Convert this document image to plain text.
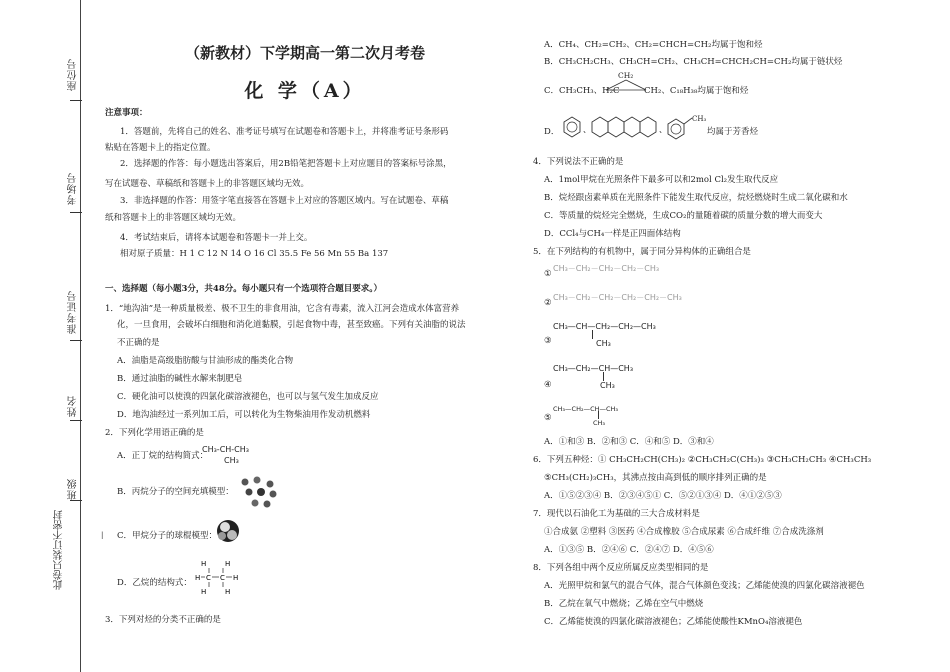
座位号
考场号
准考证号
姓名
班级
此卷只装订不密封
（新教材）下学期高一第二次月考卷
化 学（A）
注意事项：
1．答题前，先将自己的姓名、准考证号填写在试题卷和答题卡上，并将准考证号条形码
粘贴在答题卡上的指定位置。
2．选择题的作答：每小题选出答案后，用2B铅笔把答题卡上对应题目的答案标号涂黑，
写在试题卷、草稿纸和答题卡上的非答题区域均无效。
3．非选择题的作答：用签字笔直接答在答题卡上对应的答题区域内。写在试题卷、草稿
纸和答题卡上的非答题区域均无效。
4．考试结束后，请将本试题卷和答题卡一并上交。
相对原子质量：H 1 C 12 N 14 O 16 Cl 35.5 Fe 56 Mn 55 Ba 137
一、选择题（每小题3分，共48分。每小题只有一个选项符合题目要求。）
1．“地沟油”是一种质量极差、极不卫生的非食用油，它含有毒素，流入江河会造成水体富营养
化，一旦食用，会破坏白细胞和消化道黏膜，引起食物中毒，甚至致癌。下列有关油脂的说法
不正确的是
A．油脂是高级脂肪酸与甘油形成的酯类化合物
B．通过油脂的碱性水解来制肥皂
C．硬化油可以使溴的四氯化碳溶液褪色，也可以与氢气发生加成反应
D．地沟油经过一系列加工后，可以转化为生物柴油用作发动机燃料
2．下列化学用语正确的是
A．正丁烷的结构简式：
CH₃-CH-CH₃
CH₃
B．丙烷分子的空间充填模型：
| C．甲烷分子的球棍模型：
D．乙烷的结构式：
H	H
H C C H
H	H
3．下列对烃的分类不正确的是
A．CH₄、CH₂=CH₂、CH₂=CHCH=CH₂均属于饱和烃
B．CH₃CH₂CH₃、CH₃CH=CH₂、CH₃CH=CHCH₂CH=CH₂均属于链状烃
CH₂
C．CH₃CH₃、H₂C	CH₂、C₁₈H₃₈均属于饱和烃
D．	、	、
CH₃
均属于芳香烃
4．下列说法不正确的是
A．1mol甲烷在光照条件下最多可以和2mol Cl₂发生取代反应
B．烷烃跟卤素单质在光照条件下能发生取代反应，烷烃燃烧时生成二氧化碳和水
C．等质量的烷烃完全燃烧，生成CO₂的量随着碳的质量分数的增大而变大
D．CCl₄与CH₄一样是正四面体结构
5．在下列结构的有机物中，属于同分异构体的正确组合是
①
CH₃－CH₂－CH₂－CH₂－CH₃
②
CH₃－CH₂－CH₂－CH₂－CH₂－CH₃
CH₃—CH—CH₂—CH₂—CH₃
③	CH₃
CH₃—CH₂—CH—CH₃
④	CH₃
CH₃—CH₂—CH—CH₃
⑤	CH₃
A．①和③ B．②和③ C．④和⑤ D．③和④
6．下列五种烃：① CH₃CH₂CH(CH₃)₂ ②CH₃CH₂C(CH₃)₃ ③CH₃CH₂CH₃ ④CH₃CH₃
⑤CH₃(CH₂)₃CH₃，其沸点按由高到低的顺序排列正确的是
A．①⑤②③④ B．②③④⑤① C．⑤②①③④ D．④①②⑤③
7．现代以石油化工为基础的三大合成材料是
①合成氨 ②塑料 ③医药 ④合成橡胶 ⑤合成尿素 ⑥合成纤维 ⑦合成洗涤剂
A．①③⑤ B．②④⑥ C．②④⑦ D．④⑤⑥
8．下列各组中两个反应所属反应类型相同的是
A．光照甲烷和氯气的混合气体，混合气体颜色变浅；乙烯能使溴的四氯化碳溶液褪色
B．乙烷在氧气中燃烧；乙烯在空气中燃烧
C．乙烯能使溴的四氯化碳溶液褪色；乙烯能使酸性KMnO₄溶液褪色
